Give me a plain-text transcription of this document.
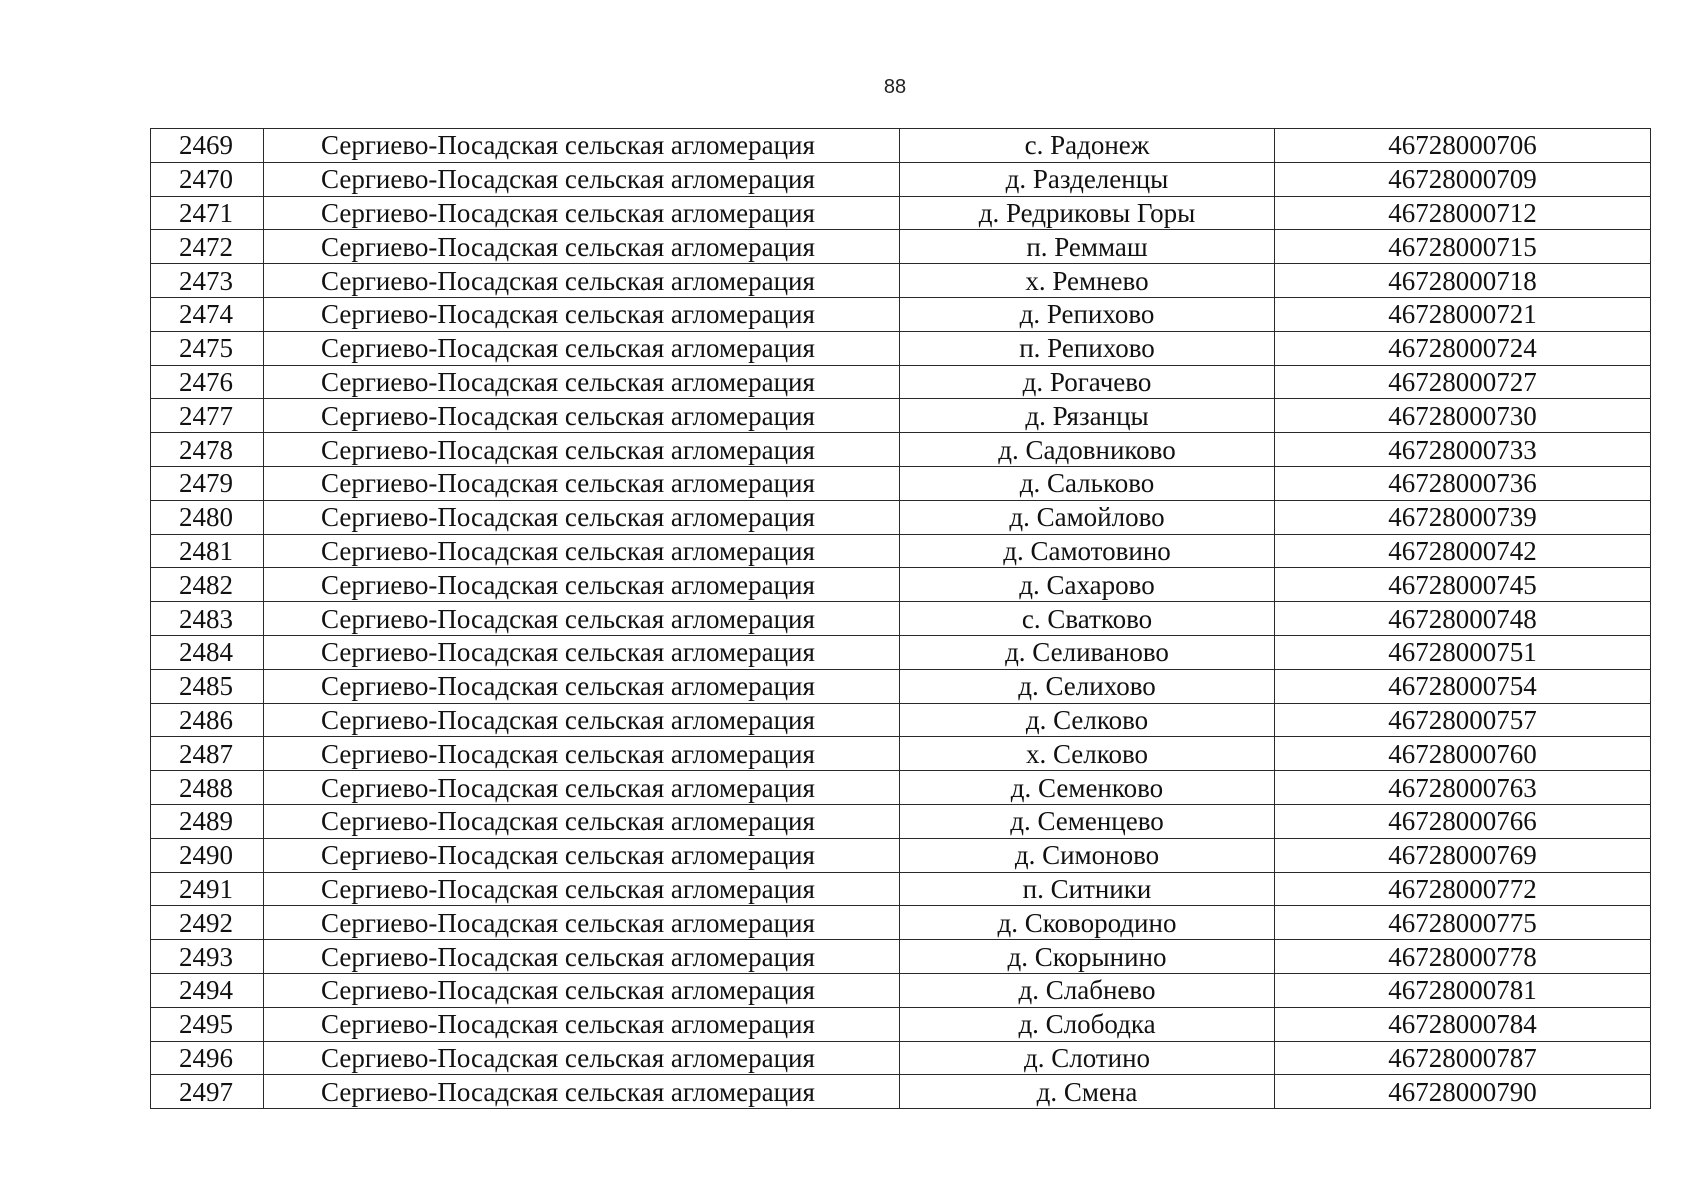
88
2469	Сергиево-Посадская сельская агломерация	с. Радонеж	46728000706
2470	Сергиево-Посадская сельская агломерация	д. Разделенцы	46728000709
2471	Сергиево-Посадская сельская агломерация	д. Редриковы Горы	46728000712
2472	Сергиево-Посадская сельская агломерация	п. Реммаш	46728000715
2473	Сергиево-Посадская сельская агломерация	х. Ремнево	46728000718
2474	Сергиево-Посадская сельская агломерация	д. Репихово	46728000721
2475	Сергиево-Посадская сельская агломерация	п. Репихово	46728000724
2476	Сергиево-Посадская сельская агломерация	д. Рогачево	46728000727
2477	Сергиево-Посадская сельская агломерация	д. Рязанцы	46728000730
2478	Сергиево-Посадская сельская агломерация	д. Садовниково	46728000733
2479	Сергиево-Посадская сельская агломерация	д. Сальково	46728000736
2480	Сергиево-Посадская сельская агломерация	д. Самойлово	46728000739
2481	Сергиево-Посадская сельская агломерация	д. Самотовино	46728000742
2482	Сергиево-Посадская сельская агломерация	д. Сахарово	46728000745
2483	Сергиево-Посадская сельская агломерация	с. Сватково	46728000748
2484	Сергиево-Посадская сельская агломерация	д. Селиваново	46728000751
2485	Сергиево-Посадская сельская агломерация	д. Селихово	46728000754
2486	Сергиево-Посадская сельская агломерация	д. Селково	46728000757
2487	Сергиево-Посадская сельская агломерация	х. Селково	46728000760
2488	Сергиево-Посадская сельская агломерация	д. Семенково	46728000763
2489	Сергиево-Посадская сельская агломерация	д. Семенцево	46728000766
2490	Сергиево-Посадская сельская агломерация	д. Симоново	46728000769
2491	Сергиево-Посадская сельская агломерация	п. Ситники	46728000772
2492	Сергиево-Посадская сельская агломерация	д. Сковородино	46728000775
2493	Сергиево-Посадская сельская агломерация	д. Скорынино	46728000778
2494	Сергиево-Посадская сельская агломерация	д. Слабнево	46728000781
2495	Сергиево-Посадская сельская агломерация	д. Слободка	46728000784
2496	Сергиево-Посадская сельская агломерация	д. Слотино	46728000787
2497	Сергиево-Посадская сельская агломерация	д. Смена	46728000790
